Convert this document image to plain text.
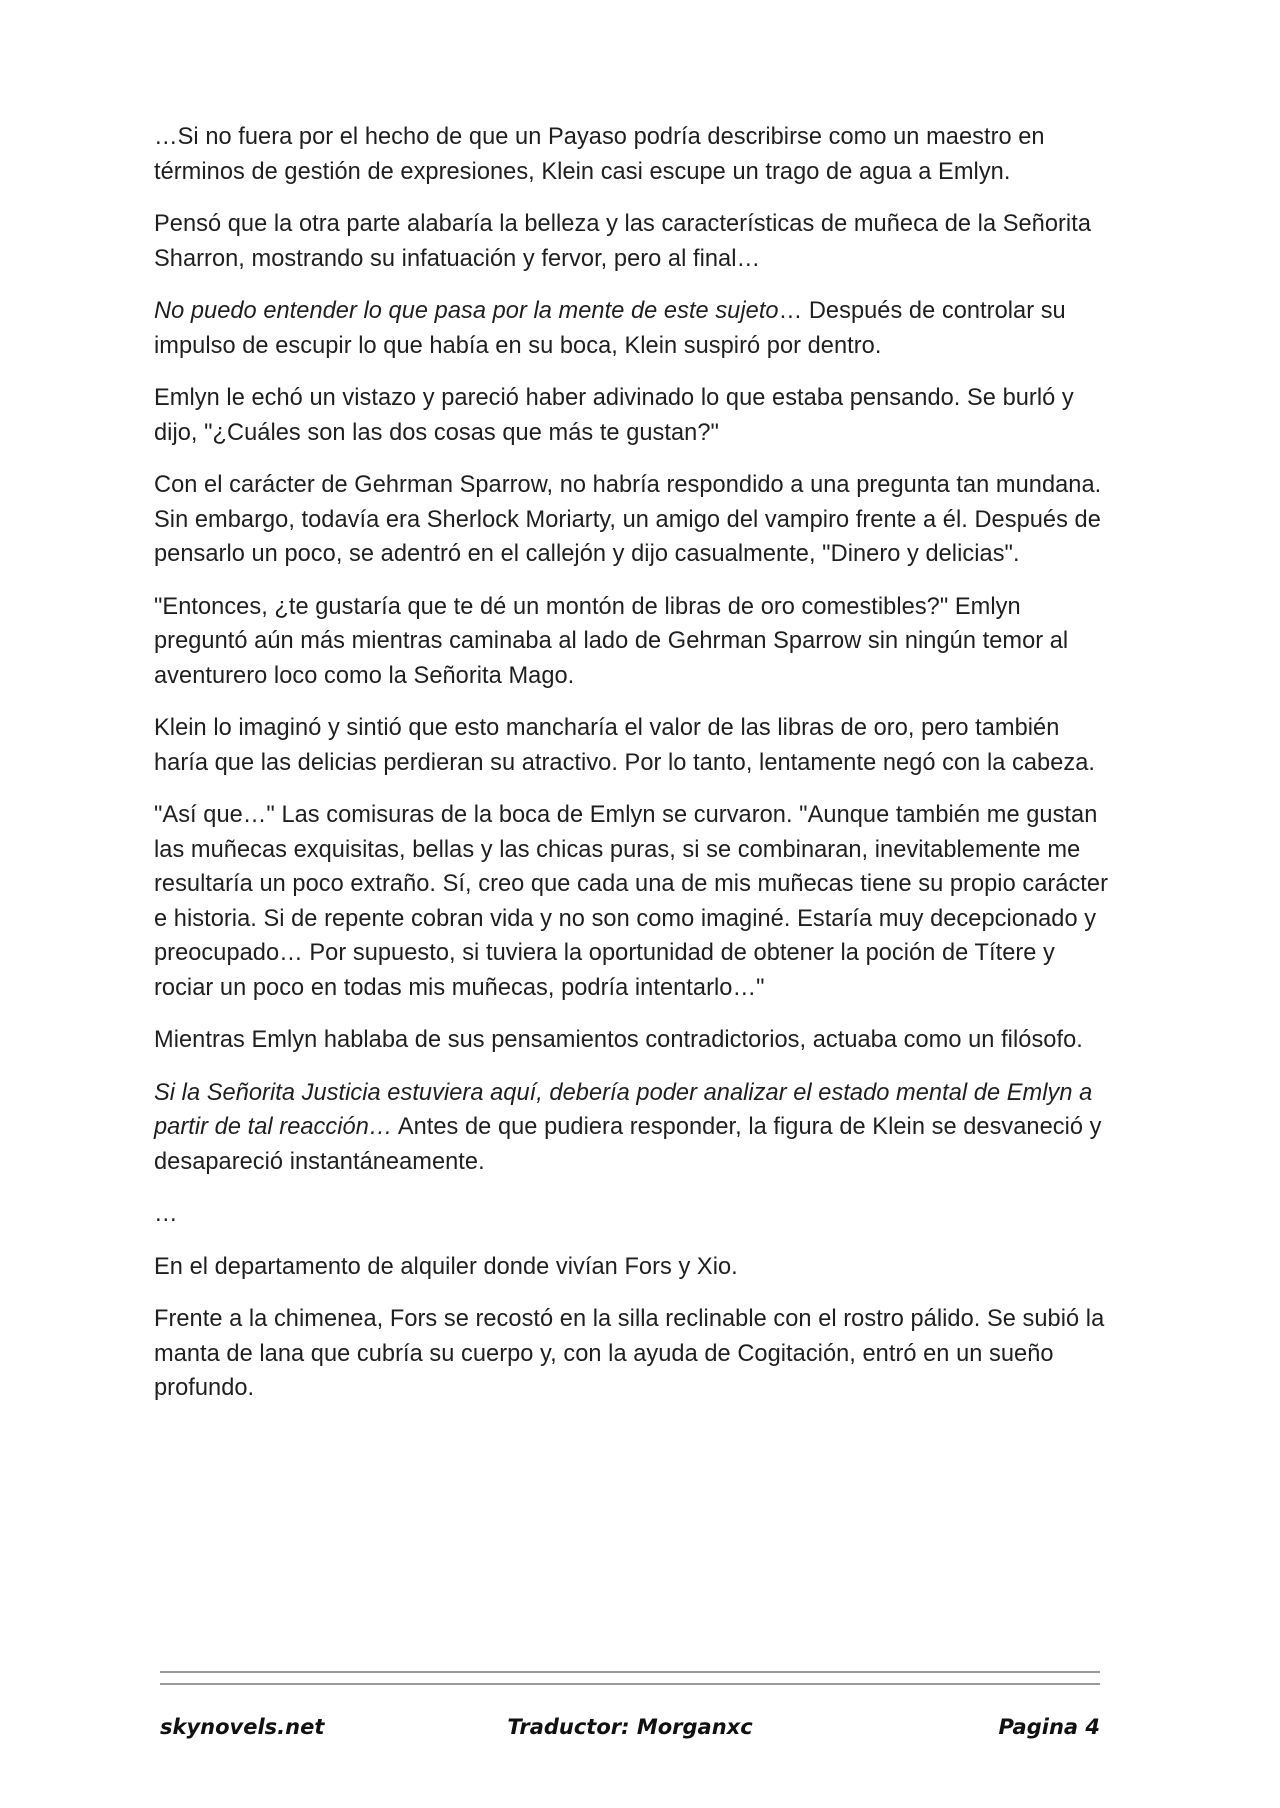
…Si no fuera por el hecho de que un Payaso podría describirse como un maestro en términos de gestión de expresiones, Klein casi escupe un trago de agua a Emlyn.

Pensó que la otra parte alabaría la belleza y las características de muñeca de la Señorita Sharron, mostrando su infatuación y fervor, pero al final…

No puedo entender lo que pasa por la mente de este sujeto… Después de controlar su impulso de escupir lo que había en su boca, Klein suspiró por dentro.

Emlyn le echó un vistazo y pareció haber adivinado lo que estaba pensando. Se burló y dijo, "¿Cuáles son las dos cosas que más te gustan?"

Con el carácter de Gehrman Sparrow, no habría respondido a una pregunta tan mundana. Sin embargo, todavía era Sherlock Moriarty, un amigo del vampiro frente a él. Después de pensarlo un poco, se adentró en el callejón y dijo casualmente, "Dinero y delicias".

"Entonces, ¿te gustaría que te dé un montón de libras de oro comestibles?" Emlyn preguntó aún más mientras caminaba al lado de Gehrman Sparrow sin ningún temor al aventurero loco como la Señorita Mago.

Klein lo imaginó y sintió que esto mancharía el valor de las libras de oro, pero también haría que las delicias perdieran su atractivo. Por lo tanto, lentamente negó con la cabeza.

"Así que…" Las comisuras de la boca de Emlyn se curvaron. "Aunque también me gustan las muñecas exquisitas, bellas y las chicas puras, si se combinaran, inevitablemente me resultaría un poco extraño. Sí, creo que cada una de mis muñecas tiene su propio carácter e historia. Si de repente cobran vida y no son como imaginé. Estaría muy decepcionado y preocupado… Por supuesto, si tuviera la oportunidad de obtener la poción de Títere y rociar un poco en todas mis muñecas, podría intentarlo…"

Mientras Emlyn hablaba de sus pensamientos contradictorios, actuaba como un filósofo.

Si la Señorita Justicia estuviera aquí, debería poder analizar el estado mental de Emlyn a partir de tal reacción… Antes de que pudiera responder, la figura de Klein se desvaneció y desapareció instantáneamente.

…

En el departamento de alquiler donde vivían Fors y Xio.

Frente a la chimenea, Fors se recostó en la silla reclinable con el rostro pálido. Se subió la manta de lana que cubría su cuerpo y, con la ayuda de Cogitación, entró en un sueño profundo.

skynovels.net	Traductor: Morganxc	Pagina 4
